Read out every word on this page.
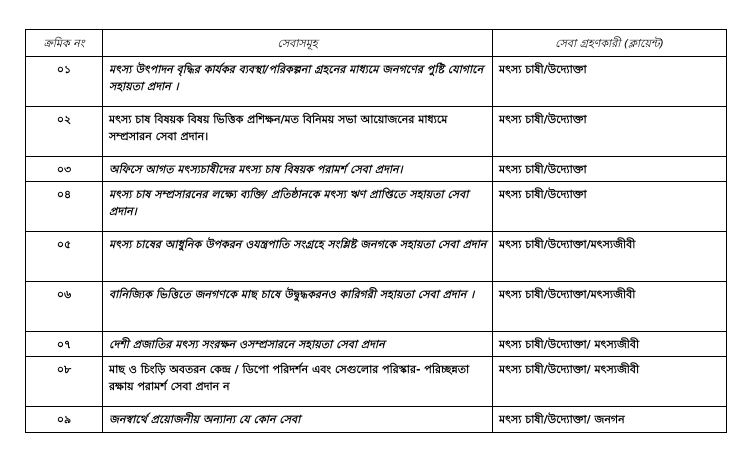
ক্রমিক নং	সেবাসমূহ	সেবা গ্রহণকারী (ক্লায়েন্ট)
০১	মৎস্য উৎপাদন বৃদ্ধির কার্যকর ব্যবস্থা/পরিকল্পনা গ্রহনের মাধ্যমে জনগণের পুষ্টি যোগানে সহায়তা প্রদান ।	মৎস্য চাষী/উদ্যোক্তা
০২	মৎস্য চাষ বিষয়ক বিষয় ভিত্তিক প্রশিক্ষন/মত বিনিময় সভা আয়োজনের মাধ্যমে সম্প্রসারন সেবা প্রদান।	মৎস্য চাষী/উদ্যোক্তা
০৩	অফিসে আগত মৎস্যচাষীদের মৎস্য চাষ বিষয়ক পরামর্শ সেবা প্রদান।	মৎস্য চাষী/উদ্যোক্তা
০৪	মৎস্য চাষ সম্প্রসারনের লক্ষ্যে ব্যক্তি/ প্রতিষ্ঠানকে মৎস্য ঋণ প্রাপ্তিতে সহায়তা সেবা প্রদান।	মৎস্য চাষী/উদ্যোক্তা
০৫	মৎস্য চাষের আধুনিক উপকরন ওযন্ত্রপাতি সংগ্রহে সংশ্লিষ্ট জনগকে সহায়তা সেবা প্রদান	মৎস্য চাষী/উদ্যোক্তা/মৎস্যজীবী
০৬	বানিজ্যিক ভিত্তিতে জনগণকে মাছ চাষে উদ্বুদ্ধকরনও কারিগরী সহায়তা সেবা প্রদান ।	মৎস্য চাষী/উদ্যোক্তা/মৎস্যজীবী
০৭	দেশী প্রজাতির মৎস্য সংরক্ষন ওসম্প্রসারনে সহায়তা সেবা প্রদান	মৎস্য চাষী/উদ্যোক্তা/ মৎস্যজীবী
০৮	মাছ ও চিংড়ি অবতরন কেন্দ্র / ডিপো পরিদর্শন এবং সেগুলোর পরিস্কার- পরিচ্ছন্নতা রক্ষায় পরামর্শ সেবা প্রদান ন	মৎস্য চাষী/উদ্যোক্তা/ মৎস্যজীবী
০৯	জনস্বার্থে প্রয়োজনীয় অন্যান্য যে কোন সেবা	মৎস্য চাষী/উদ্যোক্তা/ জনগন
